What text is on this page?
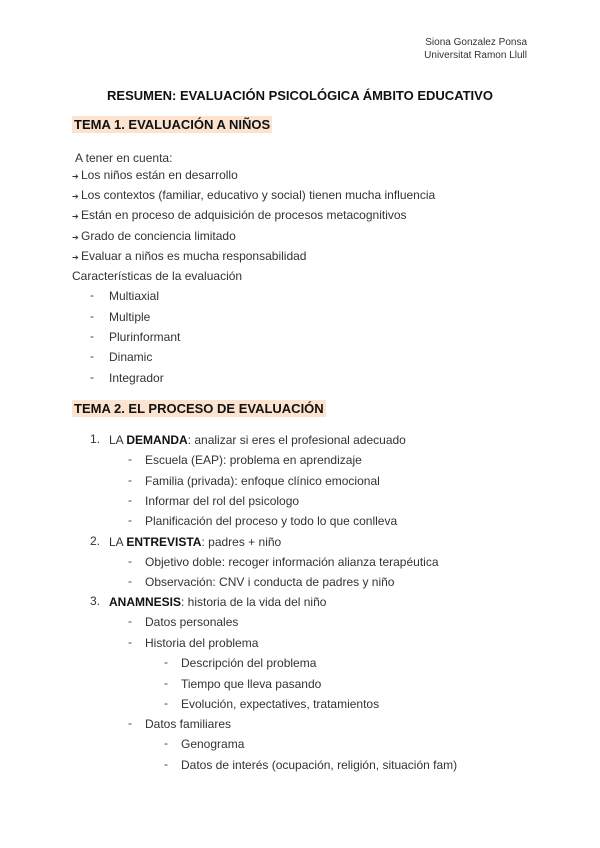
Siona Gonzalez Ponsa
Universitat Ramon Llull
RESUMEN: EVALUACIÓN PSICOLÓGICA ÁMBITO EDUCATIVO
TEMA 1. EVALUACIÓN A NIÑOS
A tener en cuenta:
➔ Los niños están en desarrollo
➔ Los contextos (familiar, educativo y social) tienen mucha influencia
➔ Están en proceso de adquisición de procesos metacognitivos
➔ Grado de conciencia limitado
➔ Evaluar a niños es mucha responsabilidad
Características de la evaluación
- Multiaxial
- Multiple
- Plurinformant
- Dinamic
- Integrador
TEMA 2. EL PROCESO DE EVALUACIÓN
1. LA DEMANDA: analizar si eres el profesional adecuado
- Escuela (EAP): problema en aprendizaje
- Familia (privada): enfoque clínico emocional
- Informar del rol del psicologo
- Planificación del proceso y todo lo que conlleva
2. LA ENTREVISTA: padres + niño
- Objetivo doble: recoger información alianza terapéutica
- Observación: CNV i conducta de padres y niño
3. ANAMNESIS: historia de la vida del niño
- Datos personales
- Historia del problema
- Descripción del problema
- Tiempo que lleva pasando
- Evolución, expectatives, tratamientos
- Datos familiares
- Genograma
- Datos de interés (ocupación, religión, situación fam)
